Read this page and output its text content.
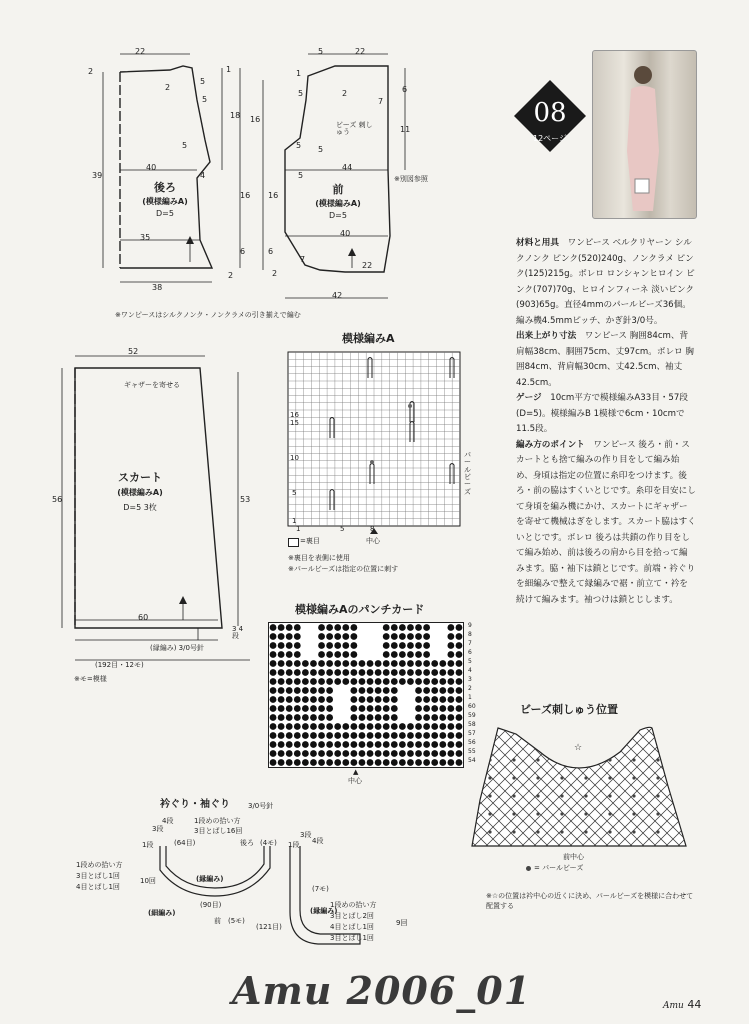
22
2
2
5
1
5
18 16
39
40
5
4
16
35
6
2
38
後ろ
(模様編みA)
D=5
5	22
1
5	2
7
6
11
5 5
44
5
40
16
6
7
2
22
42
ビーズ 刺しゅう
※別図参照
前
(模様編みA)
D=5
※ワンピースはシルクノンク・ノンクラメの引き揃えで編む
52
ギャザーを寄せる
56	53
スカート
(模様編みA)
D=5 3枚
60
(縁編み) 3/0号針
3 4段
(192目・12モ)
※モ=模様
模様編みA
中心
パールビーズ
=裏目
※裏目を表側に使用
※パールビーズは指定の位置に刺す
16
15
10
5
1
1	5	8
模様編みAのパンチカード
9
8
7
6
5
4
3
2
1
60
59
58
57
56
55
54
中心
衿ぐり・袖ぐり	3/0号針
1段めの拾い方
3目とばし16回
(64目)	後ろ (4モ)
(縁編み)
(細編み)
(90目)
前 (5モ)
(121目)
(7モ)
(縁編み)
1段
3段
4段
1段めの拾い方
3目とばし1回
4目とばし1回
10回
1段
3段
4段
1段めの拾い方
3目とばし2回
4目とばし1回
3目とばし1回
9回
08
12ページ

材料と用具　 ワンピース ベルクリヤーン シルクノンク ピンク(520)240g、ノンクラメ ピンク(125)215g。ボレロ ロンシャンヒロイン ピンク(707)70g、ヒロインフィーネ 淡いピンク(903)65g。直径4mmのパールビーズ36個。編み機4.5mmピッチ、かぎ針3/0号。

出来上がり寸法　 ワンピース 胸囲84cm、背肩幅38cm、胴囲75cm、丈97cm。ボレロ 胸囲84cm、背肩幅30cm、丈42.5cm、袖丈42.5cm。

ゲージ　 10cm平方で模様編みA33目・57段(D=5)。模様編みB 1模様で6cm・10cmで11.5段。

編み方のポイント　 ワンピース 後ろ・前・スカートとも捨て編みの作り目をして編み始め、身頃は指定の位置に糸印をつけます。後ろ・前の脇はすくいとじです。糸印を目安にして身頃を編み機にかけ、スカートにギャザーを寄せて機械はぎをします。スカート脇はすくいとじです。ボレロ 後ろは共鎖の作り目をして編み始め、前は後ろの肩から目を拾って編みます。脇・袖下は鎖とじです。前端・衿ぐりを細編みで整えて縁編みで裾・前立て・衿を続けて編みます。袖つけは鎖とじします。

ビーズ刺しゅう位置
☆
= パールビーズ
前中心
※☆の位置は衿中心の近くに決め、パールビーズを模様に合わせて配置する
Amu 2006_01	Amu 44
▲
